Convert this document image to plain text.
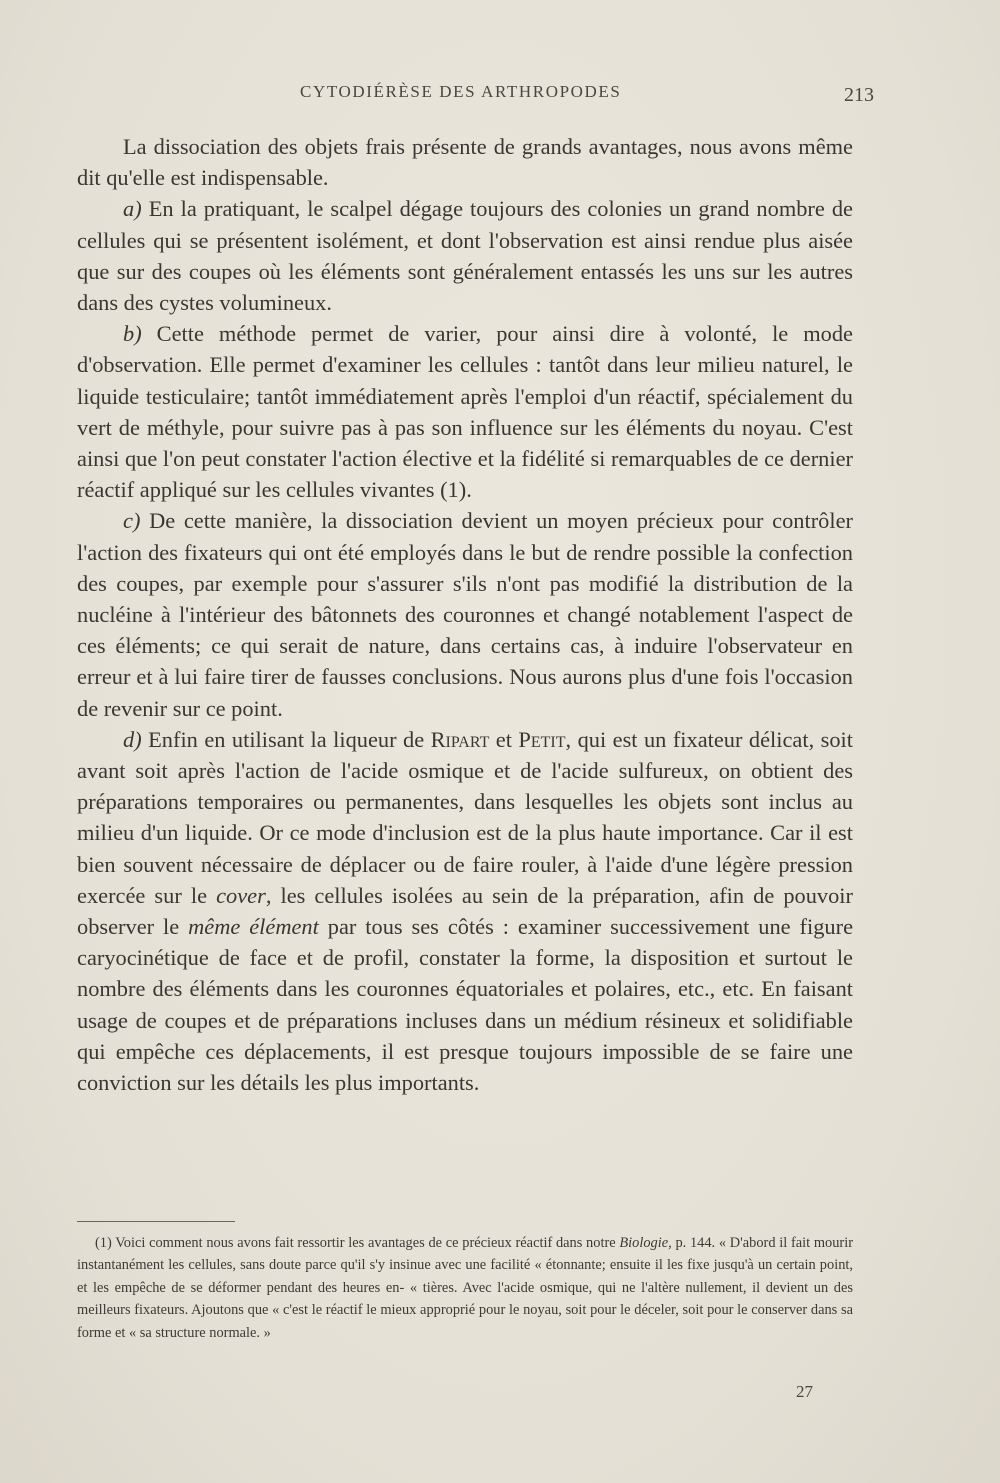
CYTODIÉRÈSE DES ARTHROPODES	213

La dissociation des objets frais présente de grands avantages, nous avons même dit qu'elle est indispensable.

a) En la pratiquant, le scalpel dégage toujours des colonies un grand nombre de cellules qui se présentent isolément, et dont l'observation est ainsi rendue plus aisée que sur des coupes où les éléments sont généralement entassés les uns sur les autres dans des cystes volumineux.

b) Cette méthode permet de varier, pour ainsi dire à volonté, le mode d'observation. Elle permet d'examiner les cellules : tantôt dans leur milieu naturel, le liquide testiculaire; tantôt immédiatement après l'emploi d'un réactif, spécialement du vert de méthyle, pour suivre pas à pas son influence sur les éléments du noyau. C'est ainsi que l'on peut constater l'action élective et la fidélité si remarquables de ce dernier réactif appliqué sur les cellules vivantes (1).

c) De cette manière, la dissociation devient un moyen précieux pour contrôler l'action des fixateurs qui ont été employés dans le but de rendre possible la confection des coupes, par exemple pour s'assurer s'ils n'ont pas modifié la distribution de la nucléine à l'intérieur des bâtonnets des couronnes et changé notablement l'aspect de ces éléments; ce qui serait de nature, dans certains cas, à induire l'observateur en erreur et à lui faire tirer de fausses conclusions. Nous aurons plus d'une fois l'occasion de revenir sur ce point.

d) Enfin en utilisant la liqueur de Ripart et Petit, qui est un fixateur délicat, soit avant soit après l'action de l'acide osmique et de l'acide sulfureux, on obtient des préparations temporaires ou permanentes, dans lesquelles les objets sont inclus au milieu d'un liquide. Or ce mode d'inclusion est de la plus haute importance. Car il est bien souvent nécessaire de déplacer ou de faire rouler, à l'aide d'une légère pression exercée sur le cover, les cellules isolées au sein de la préparation, afin de pouvoir observer le même élément par tous ses côtés : examiner successivement une figure caryocinétique de face et de profil, constater la forme, la disposition et surtout le nombre des éléments dans les couronnes équatoriales et polaires, etc., etc. En faisant usage de coupes et de préparations incluses dans un médium résineux et solidifiable qui empêche ces déplacements, il est presque toujours impossible de se faire une conviction sur les détails les plus importants.

(1) Voici comment nous avons fait ressortir les avantages de ce précieux réactif dans notre Biologie, p. 144. « D'abord il fait mourir instantanément les cellules, sans doute parce qu'il s'y insinue avec une facilité « étonnante; ensuite il les fixe jusqu'à un certain point, et les empêche de se déformer pendant des heures en- « tières. Avec l'acide osmique, qui ne l'altère nullement, il devient un des meilleurs fixateurs. Ajoutons que « c'est le réactif le mieux approprié pour le noyau, soit pour le déceler, soit pour le conserver dans sa forme et « sa structure normale. »

27
